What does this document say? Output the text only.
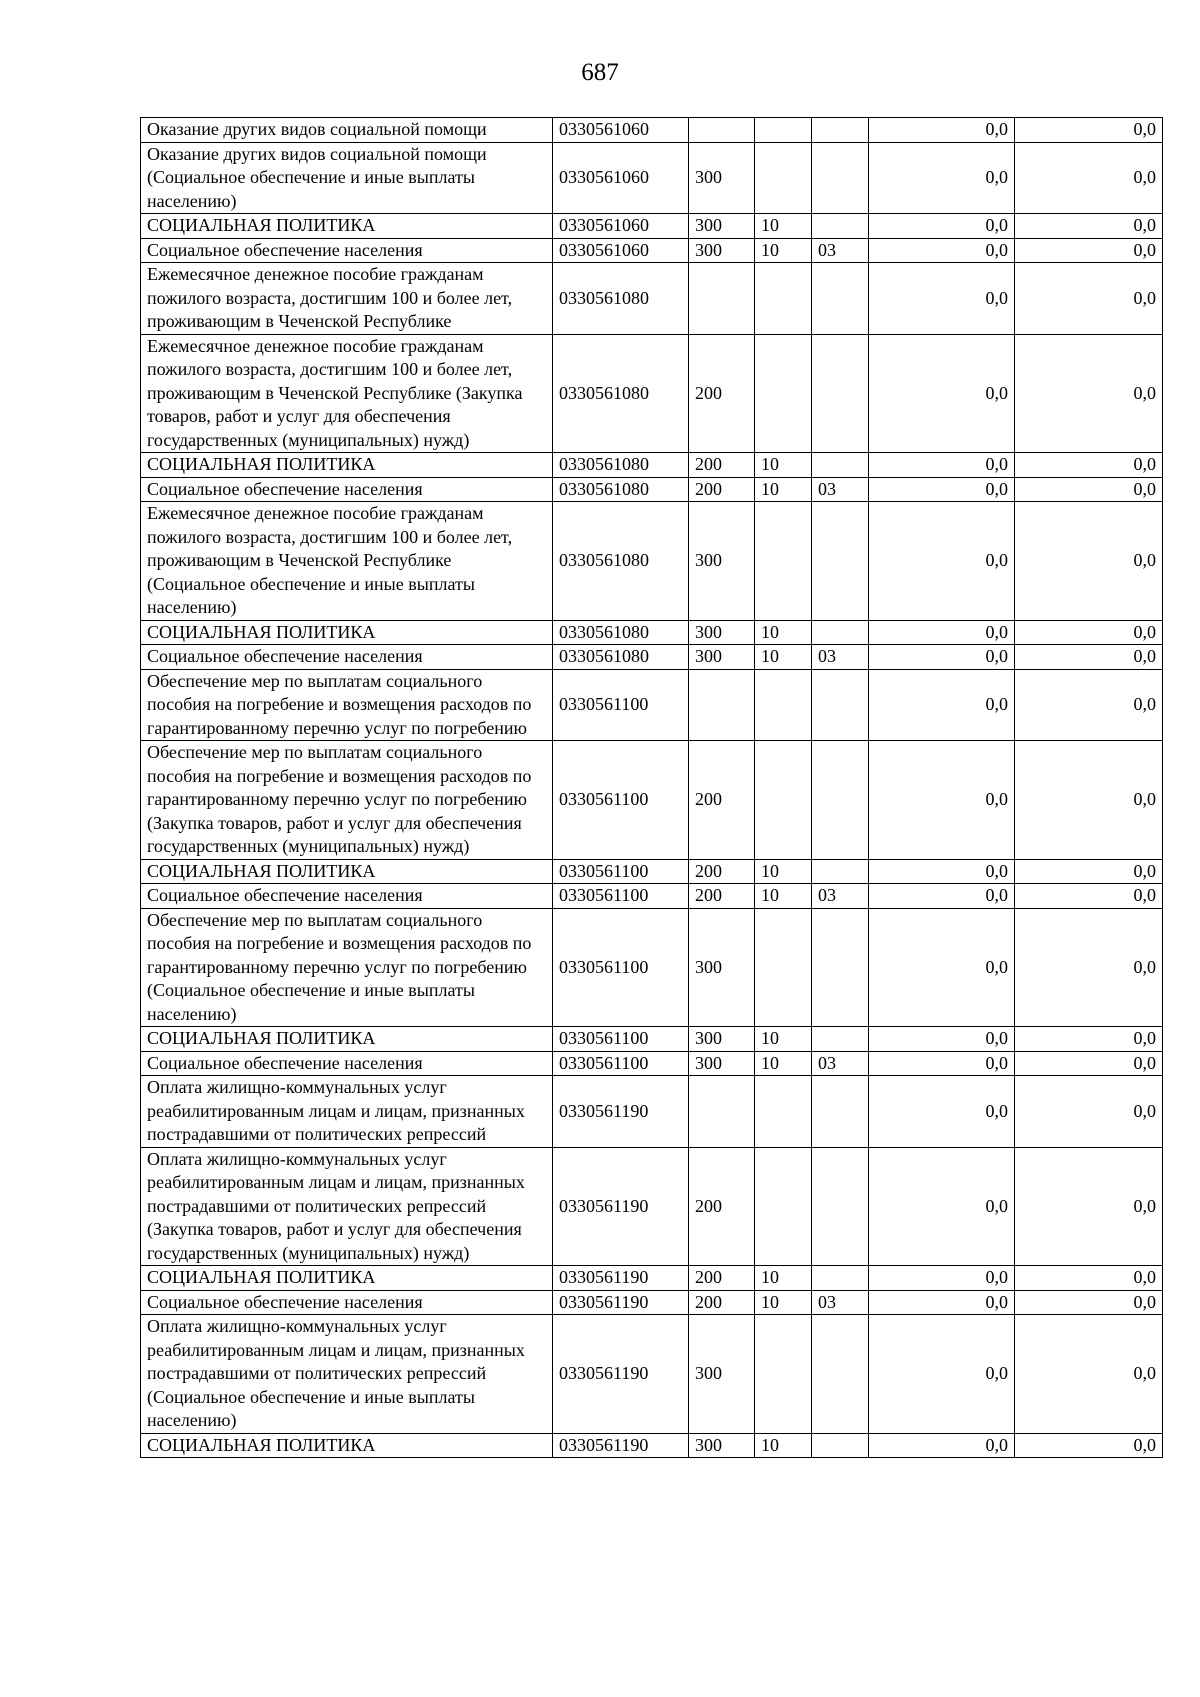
687
Оказание других видов социальной помощи	0330561060				0,0	0,0
Оказание других видов социальной помощи (Социальное обеспечение и иные выплаты населению)	0330561060	300			0,0	0,0
СОЦИАЛЬНАЯ ПОЛИТИКА	0330561060	300	10		0,0	0,0
Социальное обеспечение населения	0330561060	300	10	03	0,0	0,0
Ежемесячное денежное пособие гражданам пожилого возраста, достигшим 100 и более лет, проживающим в Чеченской Республике	0330561080				0,0	0,0
Ежемесячное денежное пособие гражданам пожилого возраста, достигшим 100 и более лет, проживающим в Чеченской Республике (Закупка товаров, работ и услуг для обеспечения государственных (муниципальных) нужд)	0330561080	200			0,0	0,0
СОЦИАЛЬНАЯ ПОЛИТИКА	0330561080	200	10		0,0	0,0
Социальное обеспечение населения	0330561080	200	10	03	0,0	0,0
Ежемесячное денежное пособие гражданам пожилого возраста, достигшим 100 и более лет, проживающим в Чеченской Республике (Социальное обеспечение и иные выплаты населению)	0330561080	300			0,0	0,0
СОЦИАЛЬНАЯ ПОЛИТИКА	0330561080	300	10		0,0	0,0
Социальное обеспечение населения	0330561080	300	10	03	0,0	0,0
Обеспечение мер по выплатам социального пособия на погребение и возмещения расходов по гарантированному перечню услуг по погребению	0330561100				0,0	0,0
Обеспечение мер по выплатам социального пособия на погребение и возмещения расходов по гарантированному перечню услуг по погребению (Закупка товаров, работ и услуг для обеспечения государственных (муниципальных) нужд)	0330561100	200			0,0	0,0
СОЦИАЛЬНАЯ ПОЛИТИКА	0330561100	200	10		0,0	0,0
Социальное обеспечение населения	0330561100	200	10	03	0,0	0,0
Обеспечение мер по выплатам социального пособия на погребение и возмещения расходов по гарантированному перечню услуг по погребению (Социальное обеспечение и иные выплаты населению)	0330561100	300			0,0	0,0
СОЦИАЛЬНАЯ ПОЛИТИКА	0330561100	300	10		0,0	0,0
Социальное обеспечение населения	0330561100	300	10	03	0,0	0,0
Оплата жилищно-коммунальных услуг реабилитированным лицам и лицам, признанных пострадавшими от политических репрессий	0330561190				0,0	0,0
Оплата жилищно-коммунальных услуг реабилитированным лицам и лицам, признанных пострадавшими от политических репрессий (Закупка товаров, работ и услуг для обеспечения государственных (муниципальных) нужд)	0330561190	200			0,0	0,0
СОЦИАЛЬНАЯ ПОЛИТИКА	0330561190	200	10		0,0	0,0
Социальное обеспечение населения	0330561190	200	10	03	0,0	0,0
Оплата жилищно-коммунальных услуг реабилитированным лицам и лицам, признанных пострадавшими от политических репрессий (Социальное обеспечение и иные выплаты населению)	0330561190	300			0,0	0,0
СОЦИАЛЬНАЯ ПОЛИТИКА	0330561190	300	10		0,0	0,0
